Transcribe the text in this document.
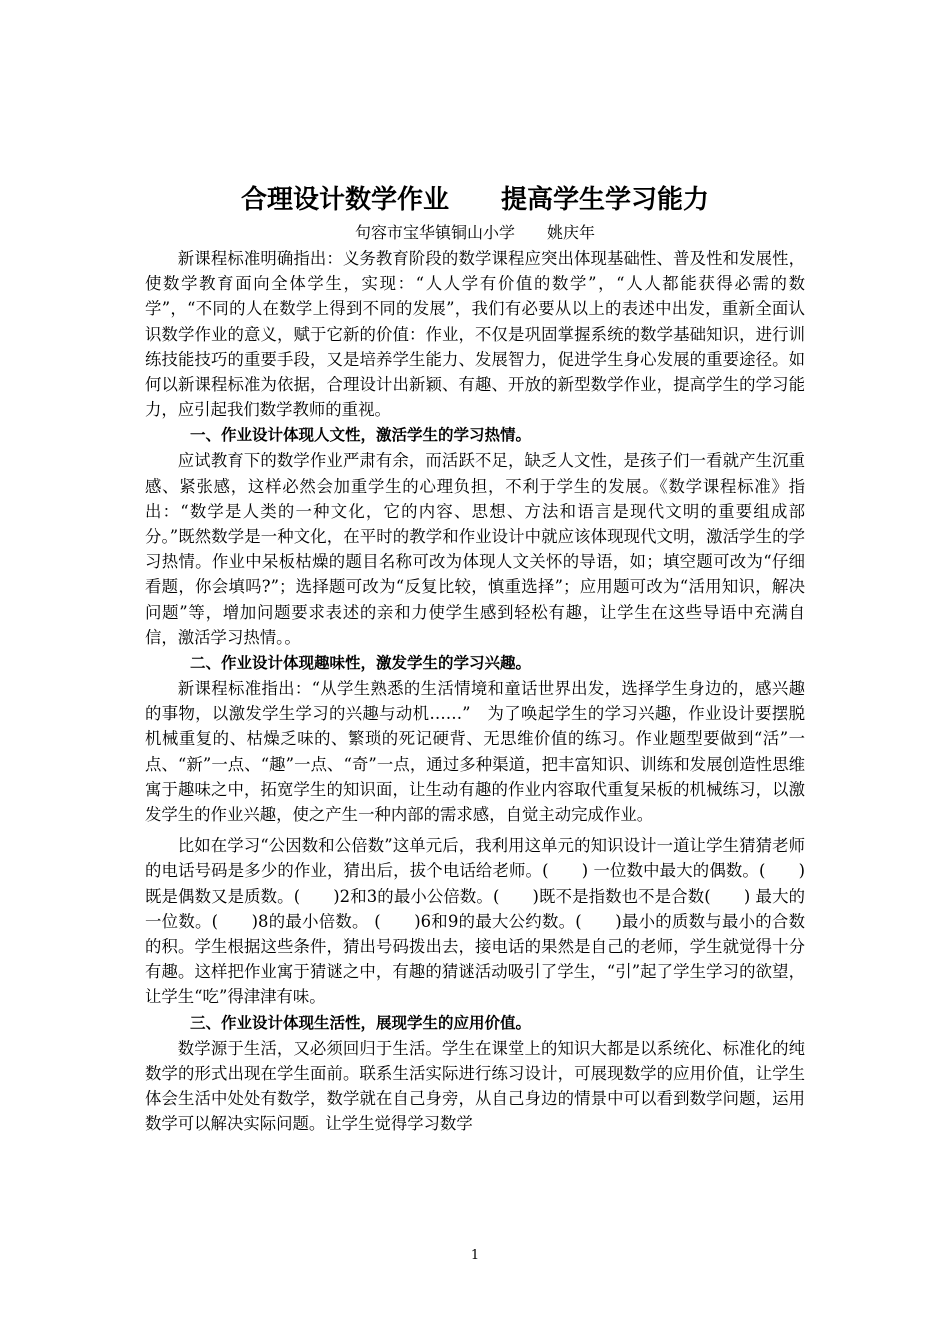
合理设计数学作业　　提高学生学习能力

句容市宝华镇铜山小学　　姚庆年

新课程标准明确指出：义务教育阶段的数学课程应突出体现基础性、普及性和发展性，使数学教育面向全体学生，实现：“人人学有价值的数学”，“人人都能获得必需的数学”，“不同的人在数学上得到不同的发展”，我们有必要从以上的表述中出发，重新全面认识数学作业的意义，赋于它新的价值：作业，不仅是巩固掌握系统的数学基础知识，进行训练技能技巧的重要手段，又是培养学生能力、发展智力，促进学生身心发展的重要途径。如何以新课程标准为依据，合理设计出新颖、有趣、开放的新型数学作业，提高学生的学习能力，应引起我们数学教师的重视。

一、作业设计体现人文性，激活学生的学习热情。

应试教育下的数学作业严肃有余，而活跃不足，缺乏人文性，是孩子们一看就产生沉重感、紧张感，这样必然会加重学生的心理负担，不利于学生的发展。《数学课程标准》指出：“数学是人类的一种文化，它的内容、思想、方法和语言是现代文明的重要组成部分。”既然数学是一种文化，在平时的教学和作业设计中就应该体现现代文明，激活学生的学习热情。作业中呆板枯燥的题目名称可改为体现人文关怀的导语，如；填空题可改为“仔细看题，你会填吗?”；选择题可改为“反复比较，慎重选择”；应用题可改为“活用知识，解决问题”等，增加问题要求表述的亲和力使学生感到轻松有趣，让学生在这些导语中充满自信，激活学习热情。。

二、作业设计体现趣味性，激发学生的学习兴趣。

新课程标准指出：“从学生熟悉的生活情境和童话世界出发，选择学生身边的，感兴趣的事物，以激发学生学习的兴趣与动机……”　为了唤起学生的学习兴趣，作业设计要摆脱机械重复的、枯燥乏味的、繁琐的死记硬背、无思维价值的练习。作业题型要做到“活”一点、“新”一点、“趣”一点、“奇”一点，通过多种渠道，把丰富知识、训练和发展创造性思维寓于趣味之中，拓宽学生的知识面，让生动有趣的作业内容取代重复呆板的机械练习，以激发学生的作业兴趣，使之产生一种内部的需求感，自觉主动完成作业。

比如在学习“公因数和公倍数”这单元后，我利用这单元的知识设计一道让学生猜猜老师的电话号码是多少的作业，猜出后，拔个电话给老师。(　　) 一位数中最大的偶数。(　　) 既是偶数又是质数。(　　)2和3的最小公倍数。(　　)既不是指数也不是合数(　　) 最大的一位数。(　　)8的最小倍数。 (　　)6和9的最大公约数。(　　)最小的质数与最小的合数的积。学生根据这些条件，猜出号码拨出去，接电话的果然是自己的老师，学生就觉得十分有趣。这样把作业寓于猜谜之中，有趣的猜谜活动吸引了学生，“引”起了学生学习的欲望，让学生“吃”得津津有味。

三、作业设计体现生活性，展现学生的应用价值。

数学源于生活，又必须回归于生活。学生在课堂上的知识大都是以系统化、标准化的纯数学的形式出现在学生面前。联系生活实际进行练习设计，可展现数学的应用价值，让学生体会生活中处处有数学，数学就在自己身旁，从自己身边的情景中可以看到数学问题，运用数学可以解决实际问题。让学生觉得学习数学

1
